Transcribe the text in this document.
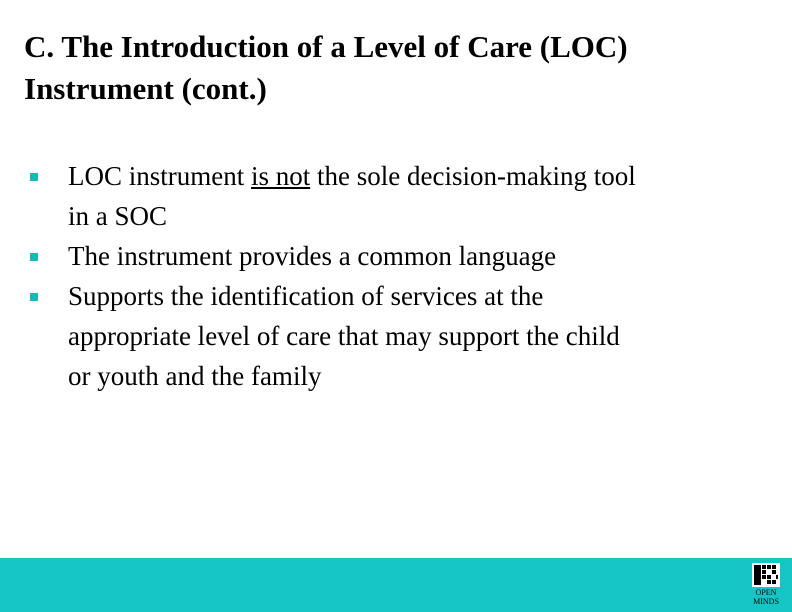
C. The Introduction of a Level of Care (LOC)
Instrument (cont.)
LOC instrument is not the sole decision-making tool
in a SOC
The instrument provides a common language
Supports the identification of services at the
appropriate level of care that may support the child
or youth and the family
OPEN
MINDS
